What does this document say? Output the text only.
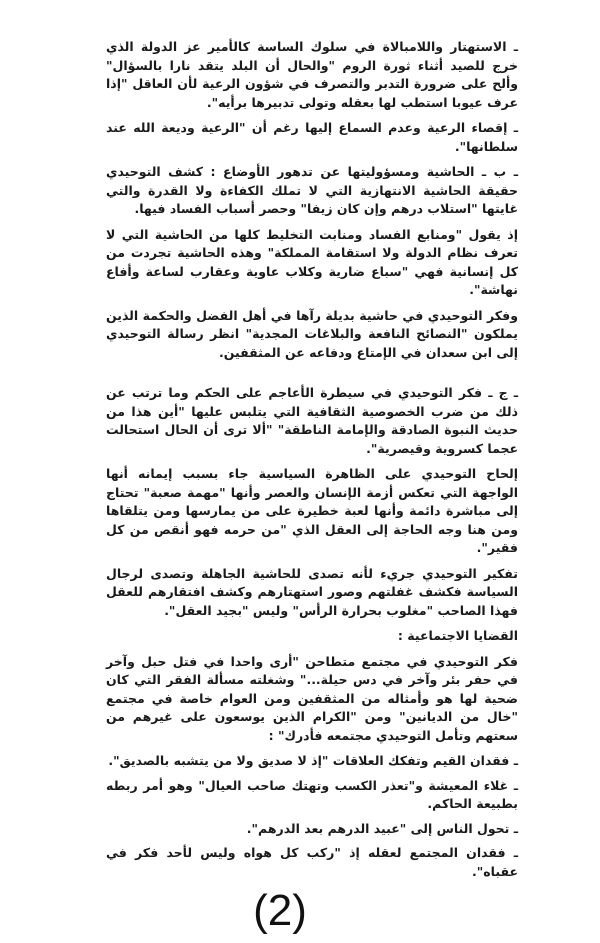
ـ الاستهتار واللامبالاة في سلوك الساسة كالأمير عز الدولة الذي خرج للصيد أثناء ثورة الروم "والحال أن البلد يتقد نارا بالسؤال" وألح على ضرورة التدبر والتصرف في شؤون الرعية لأن العاقل "إذا عرف عيوبا استطب لها بعقله وتولى تدبيرها برأيه".

ـ إقصاء الرعية وعدم السماع إليها رغم أن "الرعية وديعة الله عند سلطانها".

ـ ب ـ الحاشية ومسؤوليتها عن تدهور الأوضاع : كشف التوحيدي حقيقة الحاشية الانتهازية التي لا تملك الكفاءة ولا القدرة والتي غايتها "استلاب درهم وإن كان زيفا" وحصر أسباب الفساد فيها.

إذ يقول "ومنابع الفساد ومنابت التخليط كلها من الحاشية التي لا تعرف نظام الدولة ولا استقامة المملكة" وهذه الحاشية تجردت من كل إنسانية فهي "سباع ضارية وكلاب عاوية وعقارب لساعة وأفاع نهاشة".

وفكر التوحيدي في حاشية بديلة رآها في أهل الفضل والحكمة الذين يملكون "النصائح النافعة والبلاغات المجدية" انظر رسالة التوحيدي إلى ابن سعدان في الإمتاع ودفاعه عن المثقفين.

ـ ج ـ فكر التوحيدي في سيطرة الأعاجم على الحكم وما ترتب عن ذلك من ضرب الخصوصية الثقافية التي يتلبس عليها "أين هذا من حديث النبوة الصادقة والإمامة الناطقة" "ألا ترى أن الحال استحالت عجما كسروية وقيصرية".

إلحاح التوحيدي على الظاهرة السياسية جاء بسبب إيمانه أنها الواجهة التي تعكس أزمة الإنسان والعصر وأنها "مهمة صعبة" تحتاج إلى مباشرة دائمة وأنها لعبة خطيرة على من يمارسها ومن يتلقاها ومن هنا وجه الحاجة إلى العقل الذي "من حرمه فهو أنقص من كل فقير".

تفكير التوحيدي جريء لأنه تصدى للحاشية الجاهلة وتصدى لرجال السياسة فكشف غفلتهم وصور استهتارهم وكشف افتقارهم للعقل فهذا الصاحب "مغلوب بحرارة الرأس" وليس "بجيد العقل".

القضايا الاجتماعية :

فكر التوحيدي في مجتمع متطاحن "أرى واحدا في فتل حبل وآخر في حفر بئر وآخر في دس حيلة..." وشغلته مسألة الفقر التي كان ضحية لها هو وأمثاله من المثقفين ومن العوام خاصة في مجتمع "خال من الديانين" ومن "الكرام الذين يوسعون على غيرهم من سعتهم وتأمل التوحيدي مجتمعه فأدرك" :

ـ فقدان القيم وتفكك العلاقات "إذ لا صديق ولا من يتشبه بالصديق".

ـ غلاء المعيشة و"تعذر الكسب وتهتك صاحب العيال" وهو أمر ربطه بطبيعة الحاكم.

ـ تحول الناس إلى "عبيد الدرهم بعد الدرهم".

ـ فقدان المجتمع لعقله إذ "ركب كل هواه وليس لأحد فكر في عقباه".

(2)
